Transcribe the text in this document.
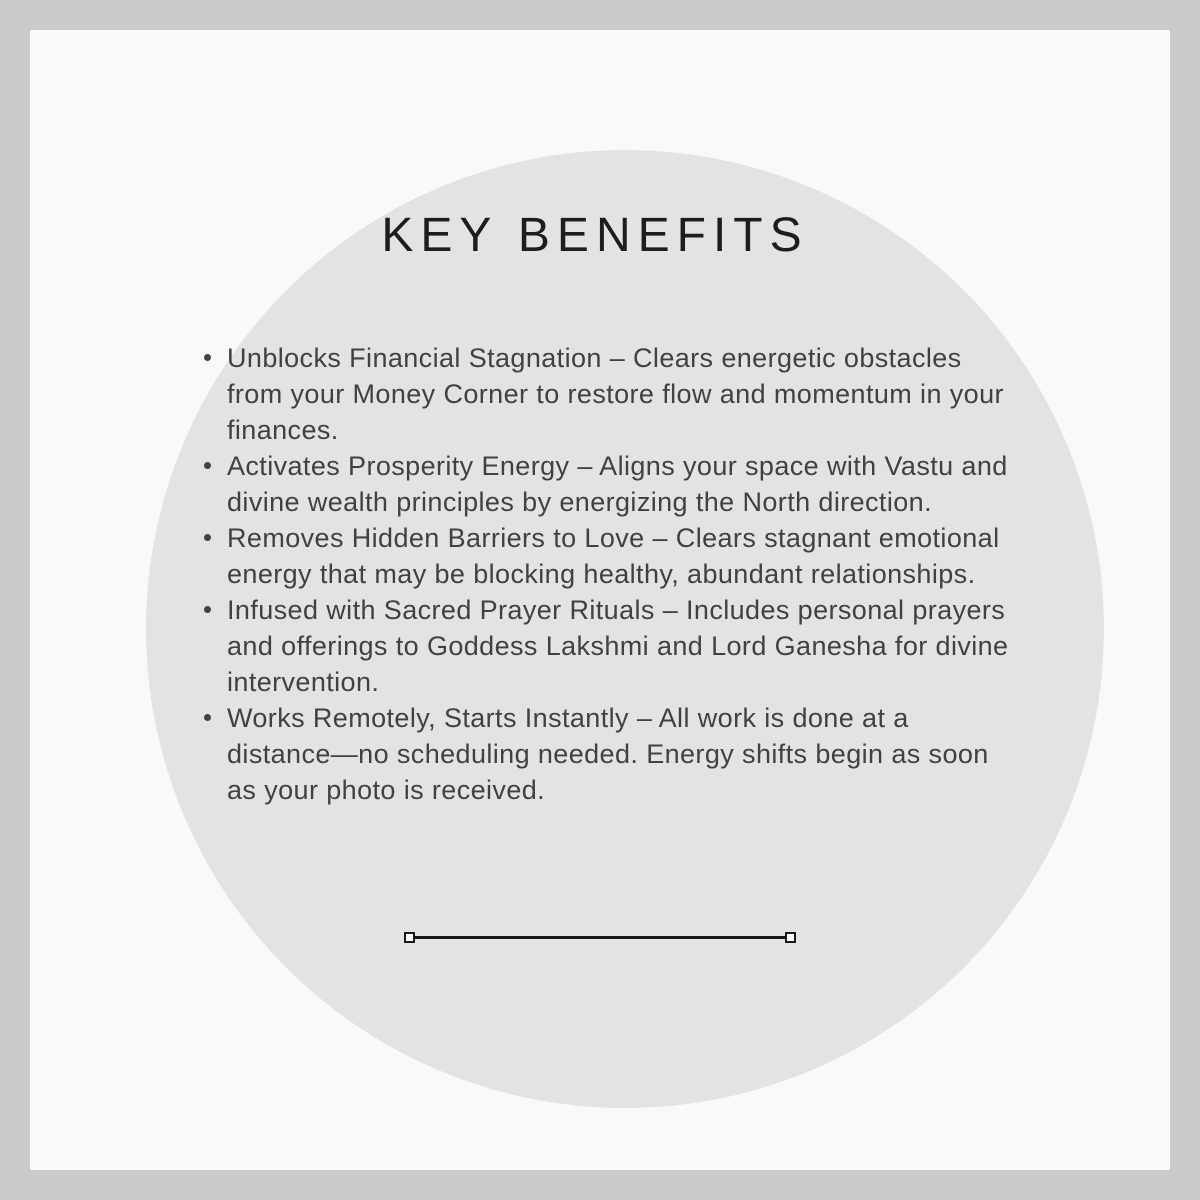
KEY BENEFITS
Unblocks Financial Stagnation – Clears energetic obstacles from your Money Corner to restore flow and momentum in your finances.
Activates Prosperity Energy – Aligns your space with Vastu and divine wealth principles by energizing the North direction.
Removes Hidden Barriers to Love – Clears stagnant emotional energy that may be blocking healthy, abundant relationships.
Infused with Sacred Prayer Rituals – Includes personal prayers and offerings to Goddess Lakshmi and Lord Ganesha for divine intervention.
Works Remotely, Starts Instantly – All work is done at a distance—no scheduling needed. Energy shifts begin as soon as your photo is received.
